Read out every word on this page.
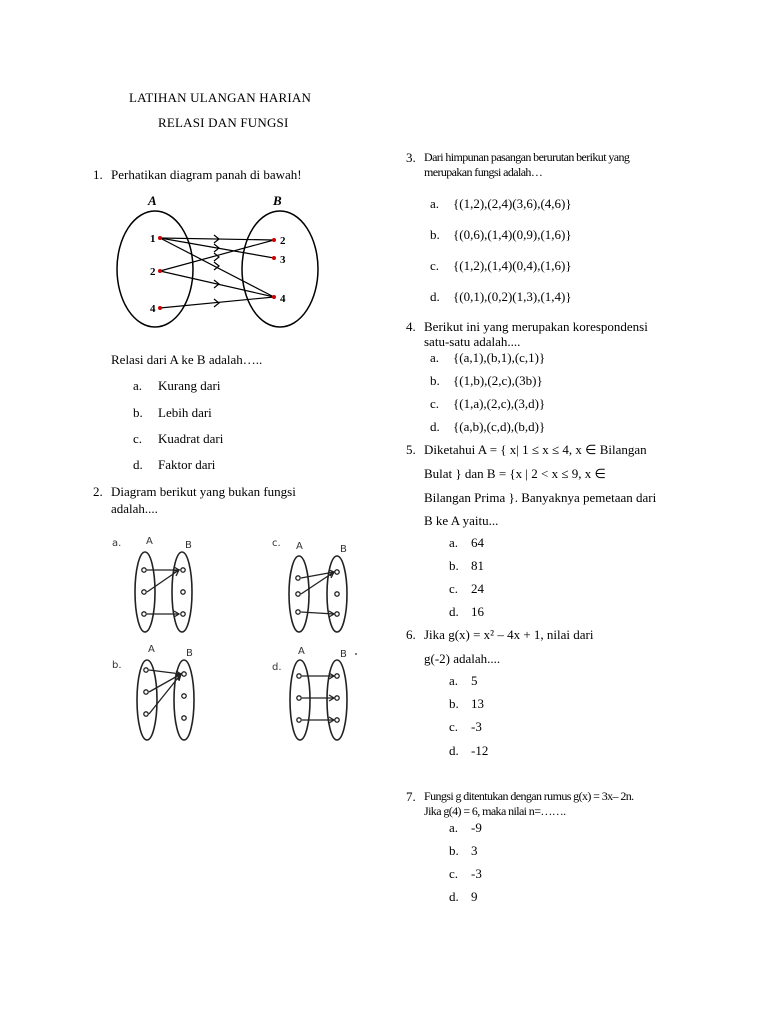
LATIHAN ULANGAN HARIAN
RELASI DAN FUNGSI
1. Perhatikan diagram panah di bawah!
A	B
1
2
4
2
3
4
Relasi dari A ke B adalah…..
a. Kurang dari
b. Lebih dari
c. Kuadrat dari
d. Faktor dari
2. Diagram berikut yang bukan fungsi
adalah....
a. A	B	c. A	B
b.
A	B
d.
A	B
3. Dari himpunan pasangan berurutan berikut yang
merupakan fungsi adalah…
a. {(1,2),(2,4)(3,6),(4,6)}
b. {(0,6),(1,4)(0,9),(1,6)}
c. {(1,2),(1,4)(0,4),(1,6)}
d. {(0,1),(0,2)(1,3),(1,4)}
4. Berikut ini yang merupakan korespondensi
satu-satu adalah....
a. {(a,1),(b,1),(c,1)}
b. {(1,b),(2,c),(3b)}
c. {(1,a),(2,c),(3,d)}
d. {(a,b),(c,d),(b,d)}
5. Diketahui A = { x| 1 ≤ x ≤ 4, x ∈ Bilangan
Bulat } dan B = {x | 2 < x ≤ 9, x ∈
Bilangan Prima }. Banyaknya pemetaan dari
B ke A yaitu...
a. 64
b. 81
c. 24
d. 16
6. Jika g(x) = x² – 4x + 1, nilai dari
g(-2) adalah....
a. 5
b. 13
c. -3
d. -12
7. Fungsi g ditentukan dengan rumus g(x) = 3x– 2n.
Jika g(4) = 6, maka nilai n=…….
a. -9
b. 3
c. -3
d. 9
